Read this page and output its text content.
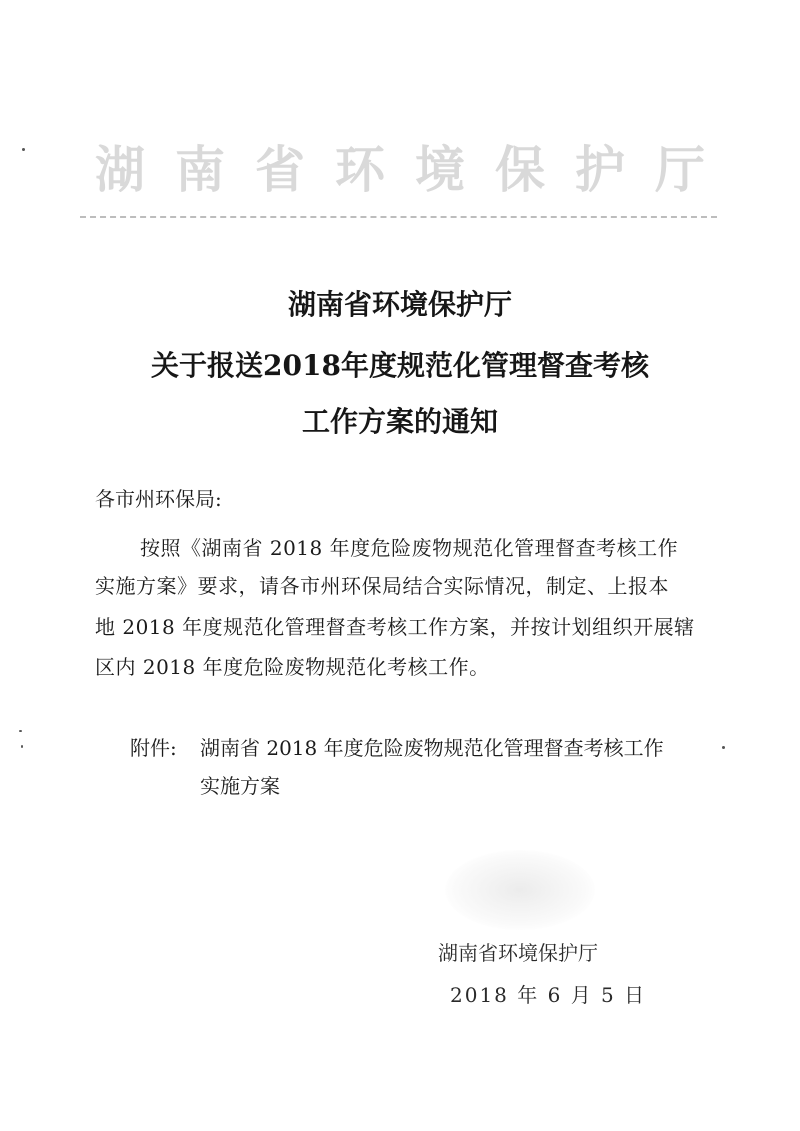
湖南省环境保护厅
湖南省环境保护厅
关于报送2018年度规范化管理督查考核
工作方案的通知
各市州环保局:
按照《湖南省 2018 年度危险废物规范化管理督查考核工作
实施方案》要求，请各市州环保局结合实际情况，制定、上报本
地 2018 年度规范化管理督查考核工作方案，并按计划组织开展辖
区内 2018 年度危险废物规范化考核工作。
附件: 湖南省 2018 年度危险废物规范化管理督查考核工作
实施方案
湖南省环境保护厅
2018 年 6 月 5 日
